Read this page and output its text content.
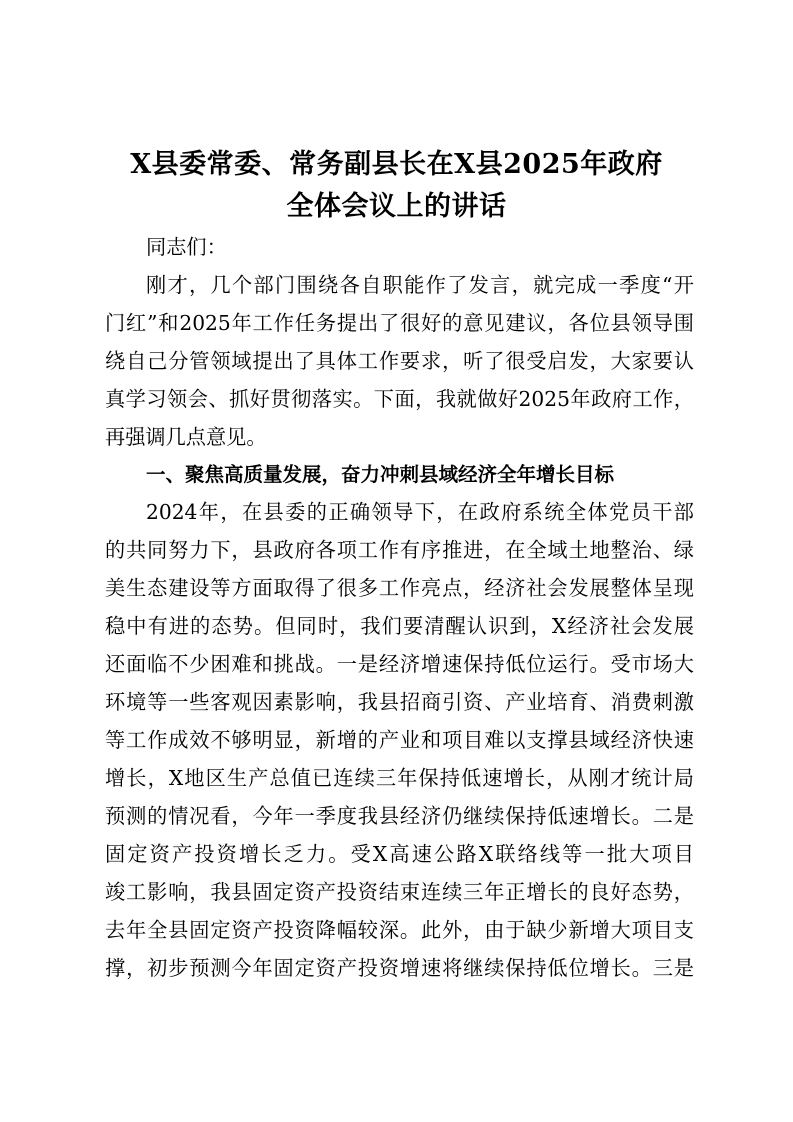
X县委常委、常务副县长在X县2025年政府
全体会议上的讲话
同志们：
刚才，几个部门围绕各自职能作了发言，就完成一季度“开
门红”和2025年工作任务提出了很好的意见建议，各位县领导围
绕自己分管领域提出了具体工作要求，听了很受启发，大家要认
真学习领会、抓好贯彻落实。下面，我就做好2025年政府工作，
再强调几点意见。
一、聚焦高质量发展，奋力冲刺县域经济全年增长目标
2024年，在县委的正确领导下，在政府系统全体党员干部
的共同努力下，县政府各项工作有序推进，在全域土地整治、绿
美生态建设等方面取得了很多工作亮点，经济社会发展整体呈现
稳中有进的态势。但同时，我们要清醒认识到，X经济社会发展
还面临不少困难和挑战。一是经济增速保持低位运行。受市场大
环境等一些客观因素影响，我县招商引资、产业培育、消费刺激
等工作成效不够明显，新增的产业和项目难以支撑县域经济快速
增长，X地区生产总值已连续三年保持低速增长，从刚才统计局
预测的情况看，今年一季度我县经济仍继续保持低速增长。二是
固定资产投资增长乏力。受X高速公路X联络线等一批大项目
竣工影响，我县固定资产投资结束连续三年正增长的良好态势，
去年全县固定资产投资降幅较深。此外，由于缺少新增大项目支
撑，初步预测今年固定资产投资增速将继续保持低位增长。三是
